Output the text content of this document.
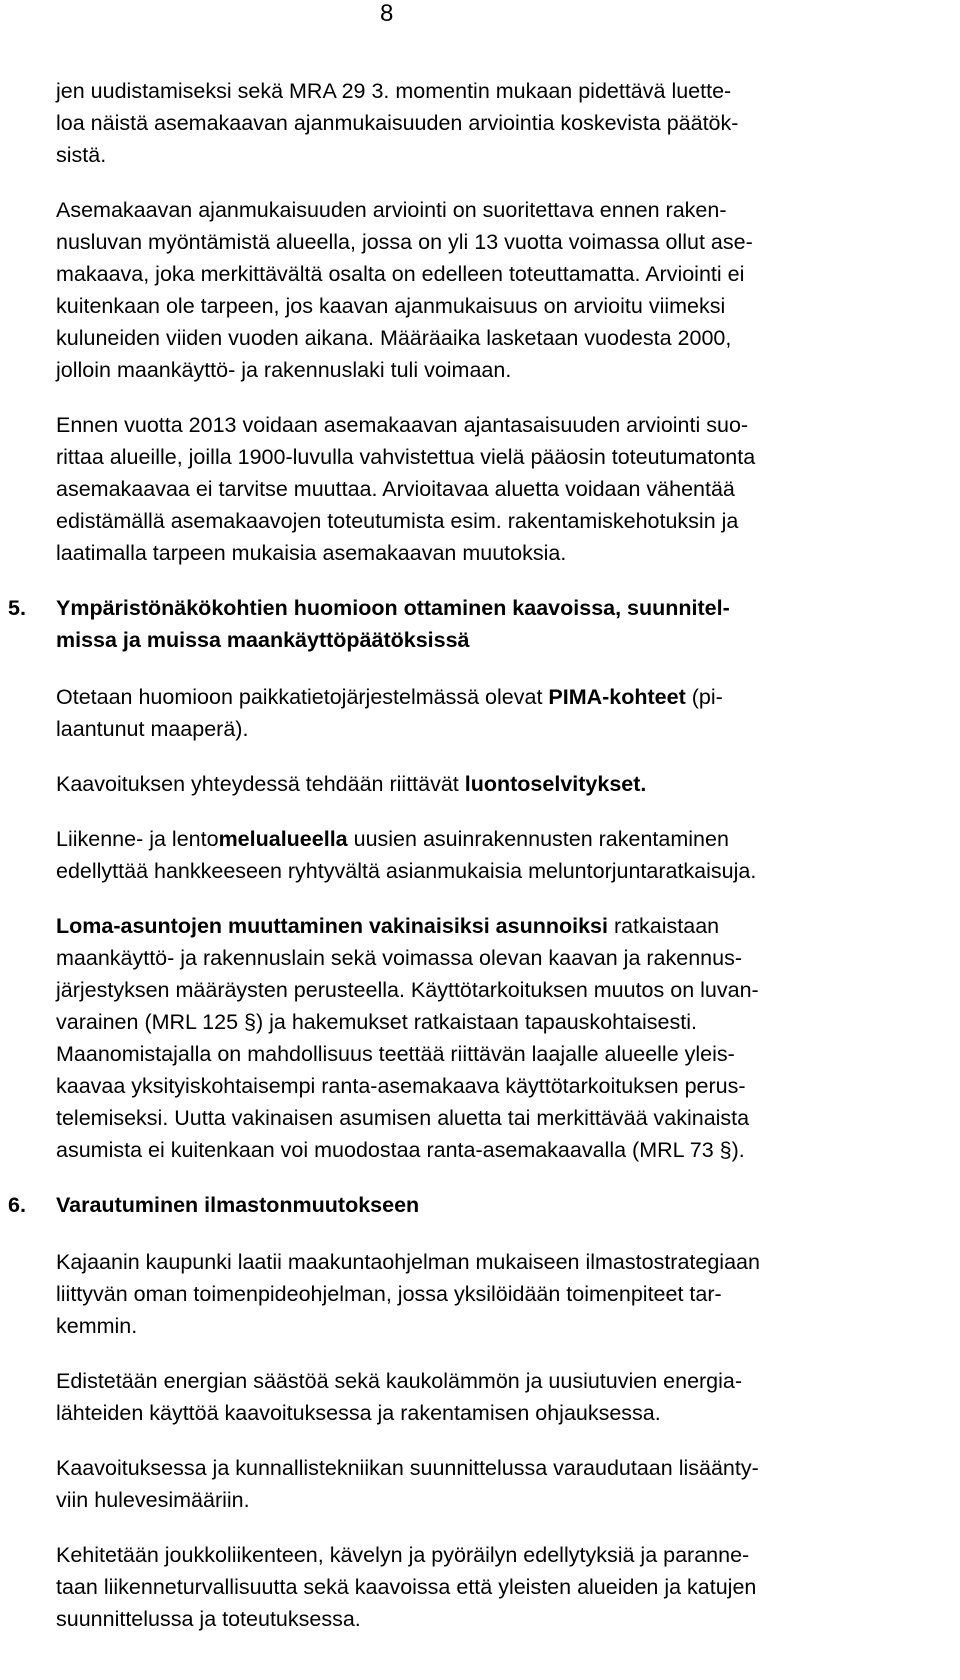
8
jen uudistamiseksi sekä MRA 29 3. momentin mukaan pidettävä luette-
loa näistä asemakaavan ajanmukaisuuden arviointia koskevista päätök-
sistä.
Asemakaavan ajanmukaisuuden arviointi on suoritettava ennen raken-
nusluvan myöntämistä alueella, jossa on yli 13 vuotta voimassa ollut ase-
makaava, joka merkittävältä osalta on edelleen toteuttamatta. Arviointi ei
kuitenkaan ole tarpeen, jos kaavan ajanmukaisuus on arvioitu viimeksi
kuluneiden viiden vuoden aikana. Määräaika lasketaan vuodesta 2000,
jolloin maankäyttö- ja rakennuslaki tuli voimaan.
Ennen vuotta 2013 voidaan asemakaavan ajantasaisuuden arviointi suo-
rittaa alueille, joilla 1900-luvulla vahvistettua vielä pääosin toteutumatonta
asemakaavaa ei tarvitse muuttaa. Arvioitavaa aluetta voidaan vähentää
edistämällä asemakaavojen toteutumista esim. rakentamiskehotuksin ja
laatimalla tarpeen mukaisia asemakaavan muutoksia.
5. Ympäristönäkökohtien huomioon ottaminen kaavoissa, suunnitel-
missa ja muissa maankäyttöpäätöksissä
Otetaan huomioon paikkatietojärjestelmässä olevat PIMA-kohteet (pi-
laantunut maaperä).
Kaavoituksen yhteydessä tehdään riittävät luontoselvitykset.
Liikenne- ja lentomelualueella uusien asuinrakennusten rakentaminen
edellyttää hankkeeseen ryhtyvältä asianmukaisia meluntorjuntaratkaisuja.
Loma-asuntojen muuttaminen vakinaisiksi asunnoiksi ratkaistaan
maankäyttö- ja rakennuslain sekä voimassa olevan kaavan ja rakennus-
järjestyksen määräysten perusteella. Käyttötarkoituksen muutos on luvan-
varainen (MRL 125 §) ja hakemukset ratkaistaan tapauskohtaisesti.
Maanomistajalla on mahdollisuus teettää riittävän laajalle alueelle yleis-
kaavaa yksityiskohtaisempi ranta-asemakaava käyttötarkoituksen perus-
telemiseksi. Uutta vakinaisen asumisen aluetta tai merkittävää vakinaista
asumista ei kuitenkaan voi muodostaa ranta-asemakaavalla (MRL 73 §).
6. Varautuminen ilmastonmuutokseen
Kajaanin kaupunki laatii maakuntaohjelman mukaiseen ilmastostrategiaan
liittyvän oman toimenpideohjelman, jossa yksilöidään toimenpiteet tar-
kemmin.
Edistetään energian säästöä sekä kaukolämmön ja uusiutuvien energia-
lähteiden käyttöä kaavoituksessa ja rakentamisen ohjauksessa.
Kaavoituksessa ja kunnallistekniikan suunnittelussa varaudutaan lisäänty-
viin hulevesimääriin.
Kehitetään joukkoliikenteen, kävelyn ja pyöräilyn edellytyksiä ja paranne-
taan liikenneturvallisuutta sekä kaavoissa että yleisten alueiden ja katujen
suunnittelussa ja toteutuksessa.
